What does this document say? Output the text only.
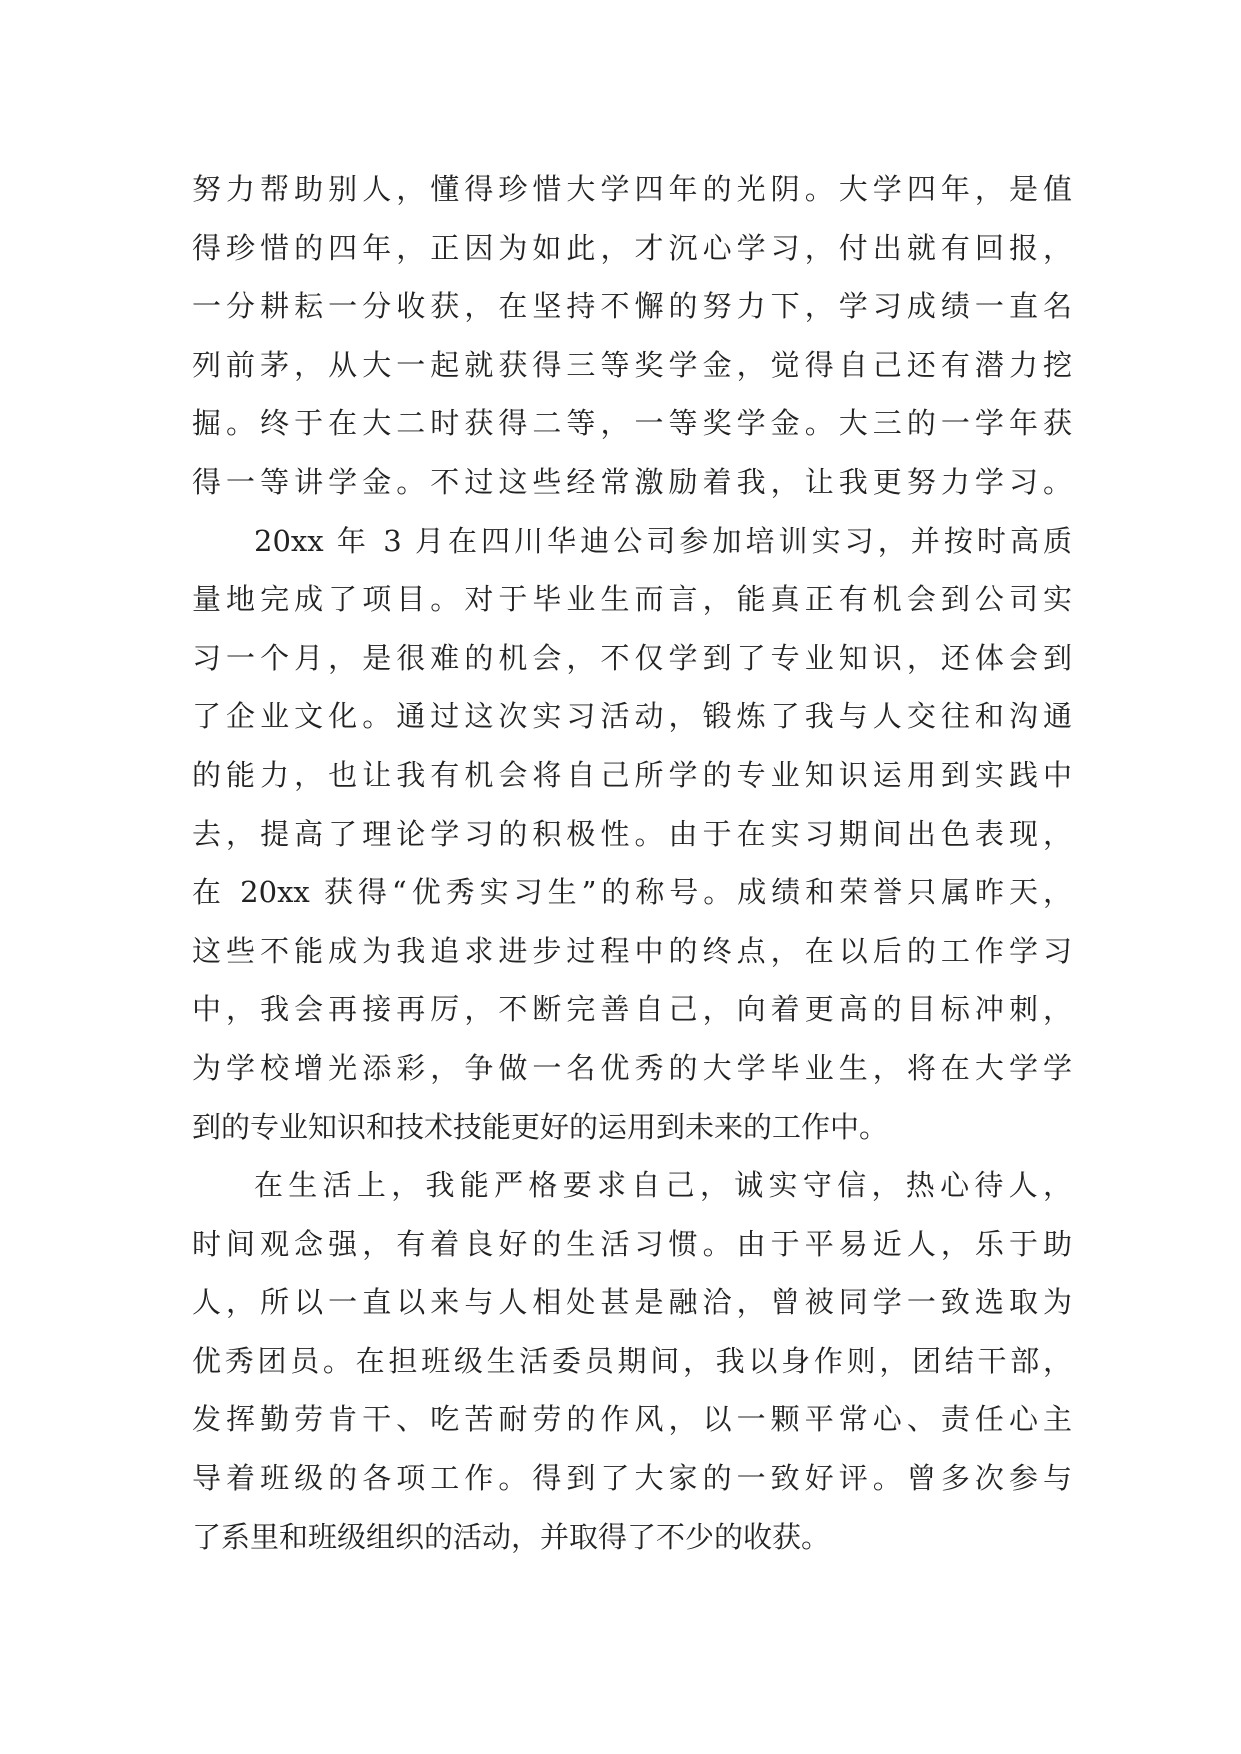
努力帮助别人，懂得珍惜大学四年的光阴。大学四年，是值
得珍惜的四年，正因为如此，才沉心学习，付出就有回报，
一分耕耘一分收获，在坚持不懈的努力下，学习成绩一直名
列前茅，从大一起就获得三等奖学金，觉得自己还有潜力挖
掘。终于在大二时获得二等，一等奖学金。大三的一学年获
得一等讲学金。不过这些经常激励着我，让我更努力学习。
20xx 年 3 月在四川华迪公司参加培训实习，并按时高质
量地完成了项目。对于毕业生而言，能真正有机会到公司实
习一个月，是很难的机会，不仅学到了专业知识，还体会到
了企业文化。通过这次实习活动，锻炼了我与人交往和沟通
的能力，也让我有机会将自己所学的专业知识运用到实践中
去，提高了理论学习的积极性。由于在实习期间出色表现，
在 20xx 获得“优秀实习生”的称号。成绩和荣誉只属昨天，
这些不能成为我追求进步过程中的终点，在以后的工作学习
中，我会再接再厉，不断完善自己，向着更高的目标冲刺，
为学校增光添彩，争做一名优秀的大学毕业生，将在大学学
到的专业知识和技术技能更好的运用到未来的工作中。
在生活上，我能严格要求自己，诚实守信，热心待人，
时间观念强，有着良好的生活习惯。由于平易近人，乐于助
人，所以一直以来与人相处甚是融洽，曾被同学一致选取为
优秀团员。在担班级生活委员期间，我以身作则，团结干部，
发挥勤劳肯干、吃苦耐劳的作风，以一颗平常心、责任心主
导着班级的各项工作。得到了大家的一致好评。曾多次参与
了系里和班级组织的活动，并取得了不少的收获。
